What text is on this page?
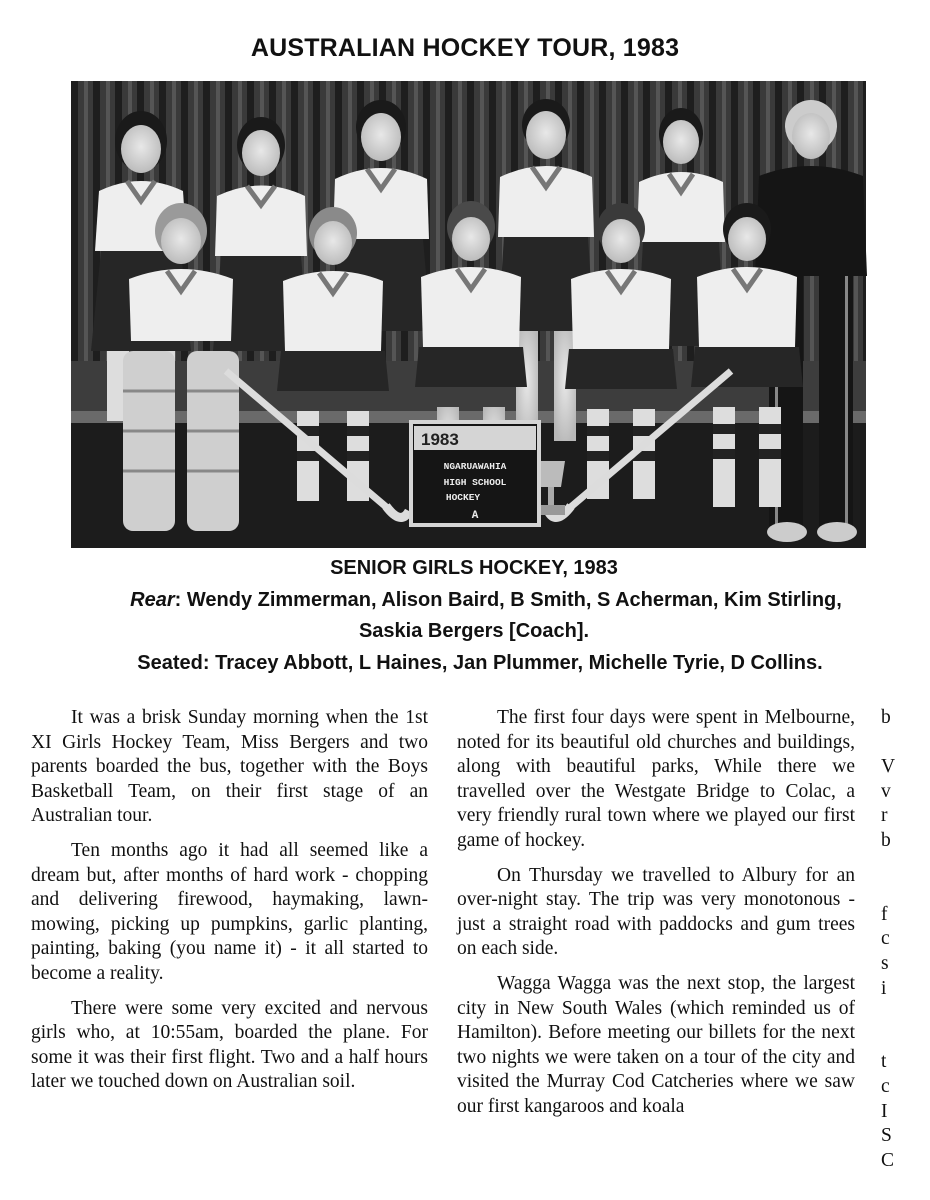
AUSTRALIAN HOCKEY TOUR, 1983
1983
NGARUAWAHIA
HIGH SCHOOL
HOCKEY
A
SENIOR GIRLS HOCKEY, 1983
Rear: Wendy Zimmerman, Alison Baird, B Smith, S Acherman, Kim Stirling,
Saskia Bergers [Coach].
Seated: Tracey Abbott, L Haines, Jan Plummer, Michelle Tyrie, D Collins.

It was a brisk Sunday morning when the 1st XI Girls Hockey Team, Miss Bergers and two parents boarded the bus, together with the Boys Basketball Team, on their first stage of an Australian tour.

Ten months ago it had all seemed like a dream but, after months of hard work - chopping and delivering firewood, haymaking, lawn-mowing, picking up pumpkins, garlic planting, painting, baking (you name it) - it all started to become a reality.

There were some very excited and nervous girls who, at 10:55am, boarded the plane. For some it was their first flight. Two and a half hours later we touched down on Australian soil.

The first four days were spent in Melbourne, noted for its beautiful old churches and buildings, along with beautiful parks, While there we travelled over the Westgate Bridge to Colac, a very friendly rural town where we played our first game of hockey.

On Thursday we travelled to Albury for an over-night stay. The trip was very monotonous - just a straight road with paddocks and gum trees on each side.

Wagga Wagga was the next stop, the largest city in New South Wales (which reminded us of Hamilton). Before meeting our billets for the next two nights we were taken on a tour of the city and visited the Murray Cod Catcheries where we saw our first kangaroos and koala

b
V
v
r
b
f
c
s
i
t
c
I
S
C
